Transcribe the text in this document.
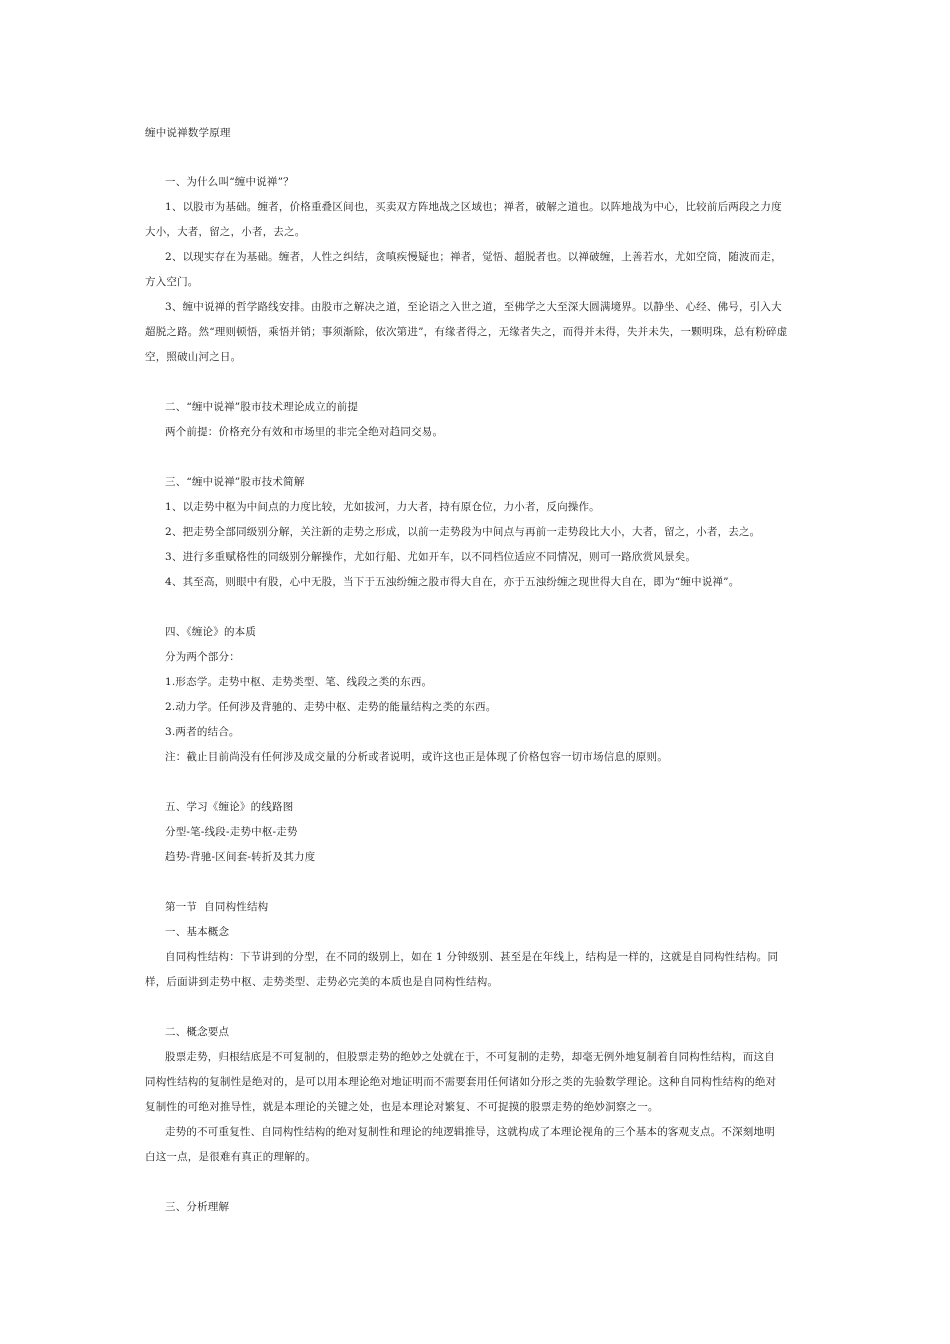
缠中说禅数学原理
一、为什么叫“缠中说禅”？
1、以股市为基础。缠者，价格重叠区间也，买卖双方阵地战之区域也；禅者，破解之道也。以阵地战为中心，比较前后两段之力度
大小，大者，留之，小者，去之。
2、以现实存在为基础。缠者，人性之纠结，贪嗔疾慢疑也；禅者，觉悟、超脱者也。以禅破缠，上善若水，尤如空筒，随波而走，
方入空门。
3、缠中说禅的哲学路线安排。由股市之解决之道，至论语之入世之道，至佛学之大至深大圆满境界。以静坐、心经、佛号，引入大
超脱之路。然“理则顿悟，乘悟并销；事须渐除，依次第进”，有缘者得之，无缘者失之，而得并未得，失并未失，一颗明珠，总有粉碎虚
空，照破山河之日。
二、“缠中说禅”股市技术理论成立的前提
两个前提：价格充分有效和市场里的非完全绝对趋同交易。
三、“缠中说禅”股市技术简解
1、以走势中枢为中间点的力度比较，尤如拔河，力大者，持有原仓位，力小者，反向操作。
2、把走势全部同级别分解，关注新的走势之形成，以前一走势段为中间点与再前一走势段比大小，大者，留之，小者，去之。
3、进行多重赋格性的同级别分解操作，尤如行船、尤如开车，以不同档位适应不同情况，则可一路欣赏风景矣。
4、其至高，则眼中有股，心中无股，当下于五浊纷缠之股市得大自在，亦于五浊纷缠之现世得大自在，即为“缠中说禅”。
四、《缠论》的本质
分为两个部分：
1.形态学。走势中枢、走势类型、笔、线段之类的东西。
2.动力学。任何涉及背驰的、走势中枢、走势的能量结构之类的东西。
3.两者的结合。
注：截止目前尚没有任何涉及成交量的分析或者说明，或许这也正是体现了价格包容一切市场信息的原则。
五、学习《缠论》的线路图
分型-笔-线段-走势中枢-走势
趋势-背驰-区间套-转折及其力度
第一节  自同构性结构
一、基本概念
自同构性结构：下节讲到的分型，在不同的级别上，如在 1 分钟级别、甚至是在年线上，结构是一样的，这就是自同构性结构。同
样，后面讲到走势中枢、走势类型、走势必完美的本质也是自同构性结构。
二、概念要点
股票走势，归根结底是不可复制的，但股票走势的绝妙之处就在于，不可复制的走势，却毫无例外地复制着自同构性结构，而这自
同构性结构的复制性是绝对的，是可以用本理论绝对地证明而不需要套用任何诸如分形之类的先验数学理论。这种自同构性结构的绝对
复制性的可绝对推导性，就是本理论的关键之处，也是本理论对繁复、不可捉摸的股票走势的绝妙洞察之一。
走势的不可重复性、自同构性结构的绝对复制性和理论的纯逻辑推导，这就构成了本理论视角的三个基本的客观支点。不深刻地明
白这一点，是很难有真正的理解的。
三、分析理解
